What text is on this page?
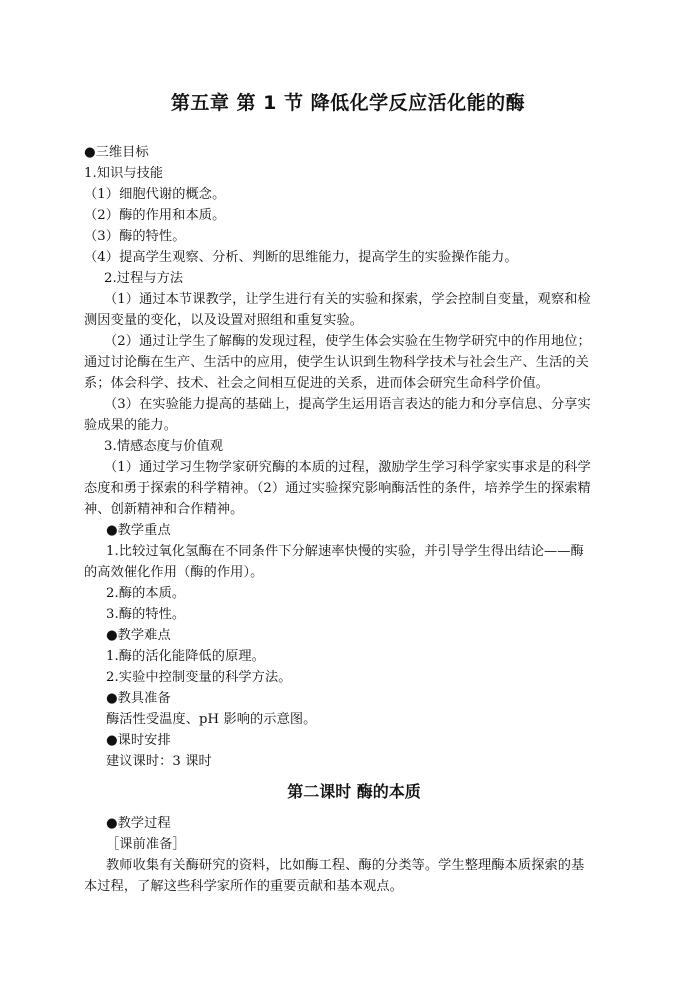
第五章 第 1 节 降低化学反应活化能的酶
●三维目标
1.知识与技能
（1）细胞代谢的概念。
（2）酶的作用和本质。
（3）酶的特性。
（4）提高学生观察、分析、判断的思维能力，提高学生的实验操作能力。
2.过程与方法
（1）通过本节课教学，让学生进行有关的实验和探索，学会控制自变量，观察和检
测因变量的变化，以及设置对照组和重复实验。
（2）通过让学生了解酶的发现过程，使学生体会实验在生物学研究中的作用地位；
通过讨论酶在生产、生活中的应用，使学生认识到生物科学技术与社会生产、生活的关
系；体会科学、技术、社会之间相互促进的关系，进而体会研究生命科学价值。
（3）在实验能力提高的基础上，提高学生运用语言表达的能力和分享信息、分享实
验成果的能力。
3.情感态度与价值观
（1）通过学习生物学家研究酶的本质的过程，激励学生学习科学家实事求是的科学
态度和勇于探索的科学精神。（2）通过实验探究影响酶活性的条件，培养学生的探索精
神、创新精神和合作精神。
●教学重点
1.比较过氧化氢酶在不同条件下分解速率快慢的实验，并引导学生得出结论——酶
的高效催化作用（酶的作用）。
2.酶的本质。
3.酶的特性。
●教学难点
1.酶的活化能降低的原理。
2.实验中控制变量的科学方法。
●教具准备
酶活性受温度、pH 影响的示意图。
●课时安排
建议课时：3 课时
第二课时 酶的本质
●教学过程
［课前准备］
教师收集有关酶研究的资料，比如酶工程、酶的分类等。学生整理酶本质探索的基
本过程，了解这些科学家所作的重要贡献和基本观点。
